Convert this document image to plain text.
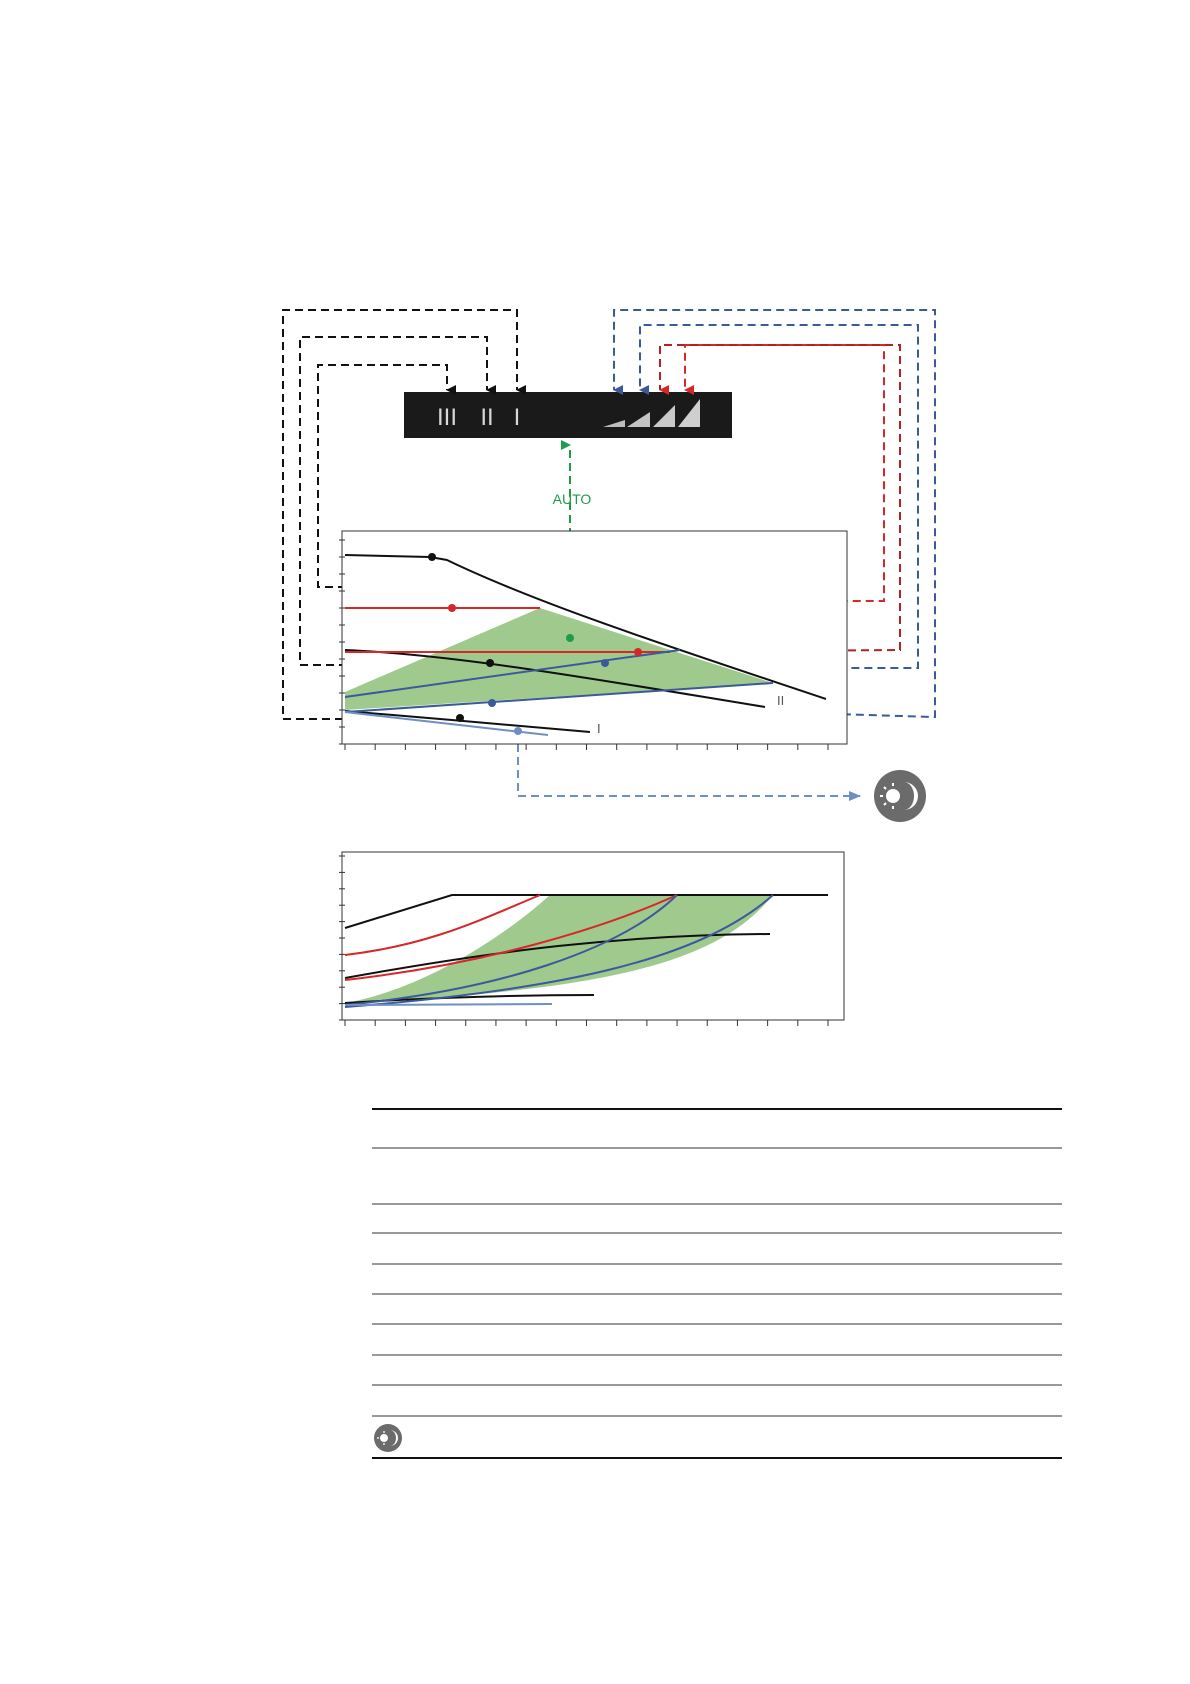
III II I
AUTO
II
I
